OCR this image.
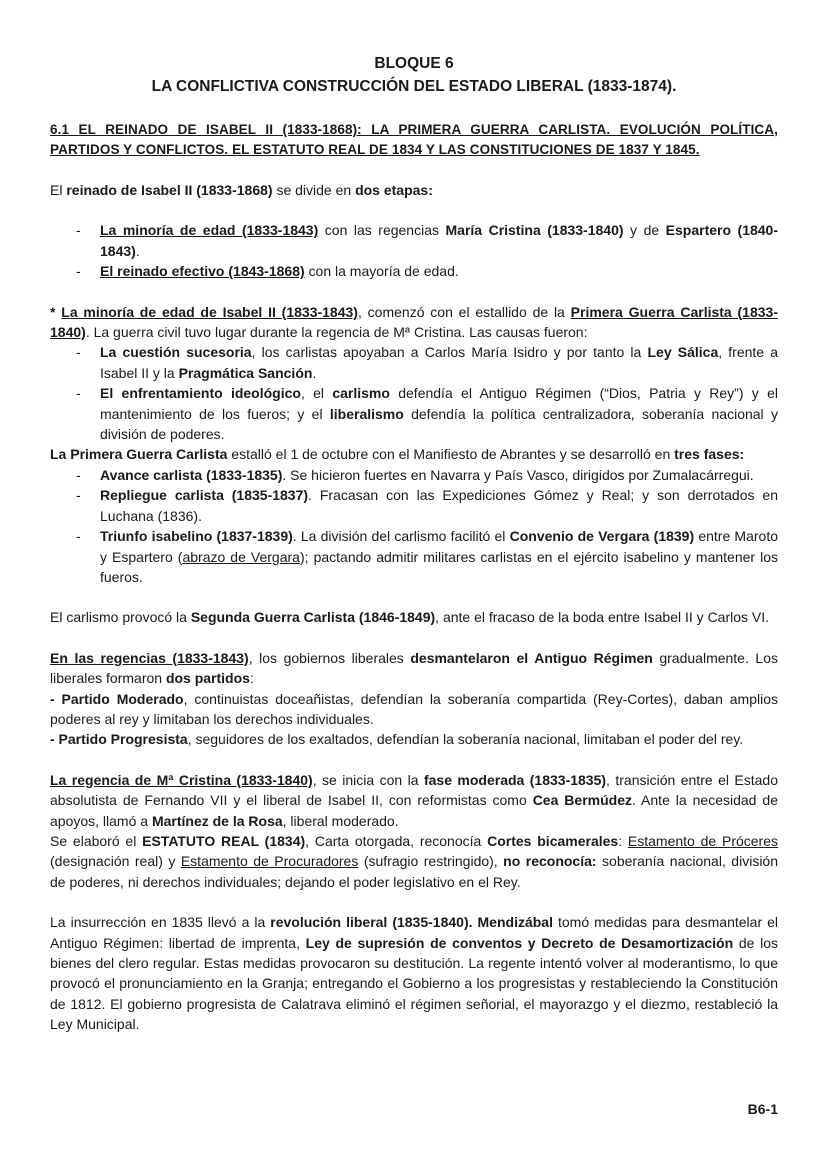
BLOQUE 6
LA CONFLICTIVA CONSTRUCCIÓN DEL ESTADO LIBERAL (1833-1874).
6.1 EL REINADO DE ISABEL II (1833-1868): LA PRIMERA GUERRA CARLISTA. EVOLUCIÓN POLÍTICA, PARTIDOS Y CONFLICTOS. EL ESTATUTO REAL DE 1834 Y LAS CONSTITUCIONES DE 1837 Y 1845.

El reinado de Isabel II (1833-1868) se divide en dos etapas:

- La minoría de edad (1833-1843) con las regencias María Cristina (1833-1840) y de Espartero (1840-1843).
- El reinado efectivo (1843-1868) con la mayoría de edad.

* La minoría de edad de Isabel II (1833-1843), comenzó con el estallido de la Primera Guerra Carlista (1833-1840). La guerra civil tuvo lugar durante la regencia de Mª Cristina. Las causas fueron:

- La cuestión sucesoria, los carlistas apoyaban a Carlos María Isidro y por tanto la Ley Sálica, frente a Isabel II y la Pragmática Sanción.
- El enfrentamiento ideológico, el carlismo defendía el Antiguo Régimen (“Dios, Patria y Rey”) y el mantenimiento de los fueros; y el liberalismo defendía la política centralizadora, soberanía nacional y división de poderes.

La Primera Guerra Carlista estalló el 1 de octubre con el Manifiesto de Abrantes y se desarrolló en tres fases:

- Avance carlista (1833-1835). Se hicieron fuertes en Navarra y País Vasco, dirigidos por Zumalacárregui.
- Repliegue carlista (1835-1837). Fracasan con las Expediciones Gómez y Real; y son derrotados en Luchana (1836).
- Triunfo isabelino (1837-1839). La división del carlismo facilitó el Convenio de Vergara (1839) entre Maroto y Espartero (abrazo de Vergara); pactando admitir militares carlistas en el ejército isabelino y mantener los fueros.

El carlismo provocó la Segunda Guerra Carlista (1846-1849), ante el fracaso de la boda entre Isabel II y Carlos VI.

En las regencias (1833-1843), los gobiernos liberales desmantelaron el Antiguo Régimen gradualmente. Los liberales formaron dos partidos:

- Partido Moderado, continuistas doceañistas, defendían la soberanía compartida (Rey-Cortes), daban amplios poderes al rey y limitaban los derechos individuales.

- Partido Progresista, seguidores de los exaltados, defendían la soberanía nacional, limitaban el poder del rey.

La regencia de Mª Cristina (1833-1840), se inicia con la fase moderada (1833-1835), transición entre el Estado absolutista de Fernando VII y el liberal de Isabel II, con reformistas como Cea Bermúdez. Ante la necesidad de apoyos, llamó a Martínez de la Rosa, liberal moderado.

Se elaboró el ESTATUTO REAL (1834), Carta otorgada, reconocía Cortes bicamerales: Estamento de Próceres (designación real) y Estamento de Procuradores (sufragio restringido), no reconocía: soberanía nacional, división de poderes, ni derechos individuales; dejando el poder legislativo en el Rey.

La insurrección en 1835 llevó a la revolución liberal (1835-1840). Mendizábal tomó medidas para desmantelar el Antiguo Régimen: libertad de imprenta, Ley de supresión de conventos y Decreto de Desamortización de los bienes del clero regular. Estas medidas provocaron su destitución. La regente intentó volver al moderantismo, lo que provocó el pronunciamiento en la Granja; entregando el Gobierno a los progresistas y restableciendo la Constitución de 1812. El gobierno progresista de Calatrava eliminó el régimen señorial, el mayorazgo y el diezmo, restableció la Ley Municipal.

B6-1
